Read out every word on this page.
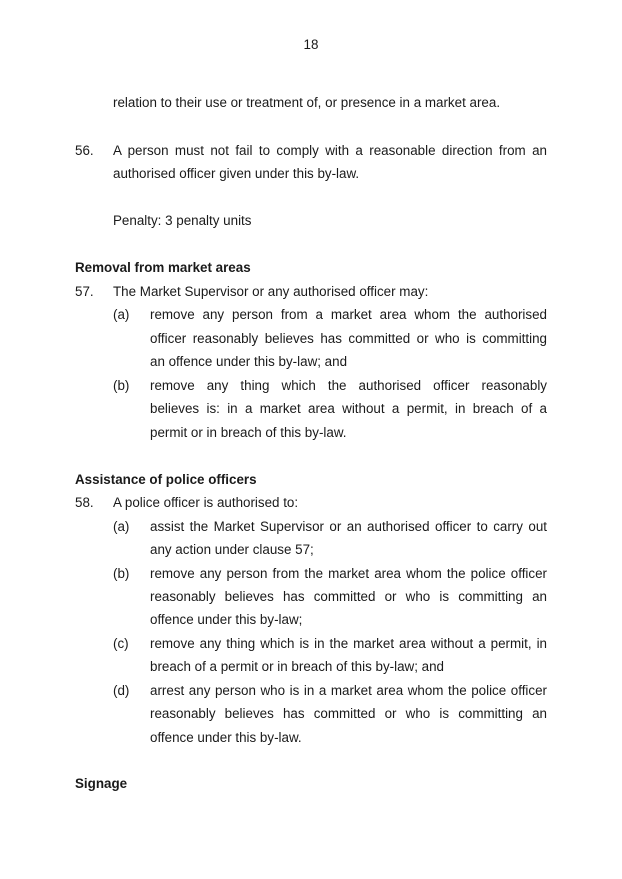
18
relation to their use or treatment of, or presence in a market area.
56. A person must not fail to comply with a reasonable direction from an
authorised officer given under this by-law.
Penalty: 3 penalty units
Removal from market areas
57. The Market Supervisor or any authorised officer may:
(a) remove any person from a market area whom the authorised
officer reasonably believes has committed or who is committing
an offence under this by-law; and
(b) remove any thing which the authorised officer reasonably
believes is: in a market area without a permit, in breach of a
permit or in breach of this by-law.
Assistance of police officers
58. A police officer is authorised to:
(a) assist the Market Supervisor or an authorised officer to carry out
any action under clause 57;
(b) remove any person from the market area whom the police officer
reasonably believes has committed or who is committing an
offence under this by-law;
(c) remove any thing which is in the market area without a permit, in
breach of a permit or in breach of this by-law; and
(d) arrest any person who is in a market area whom the police officer
reasonably believes has committed or who is committing an
offence under this by-law.
Signage
